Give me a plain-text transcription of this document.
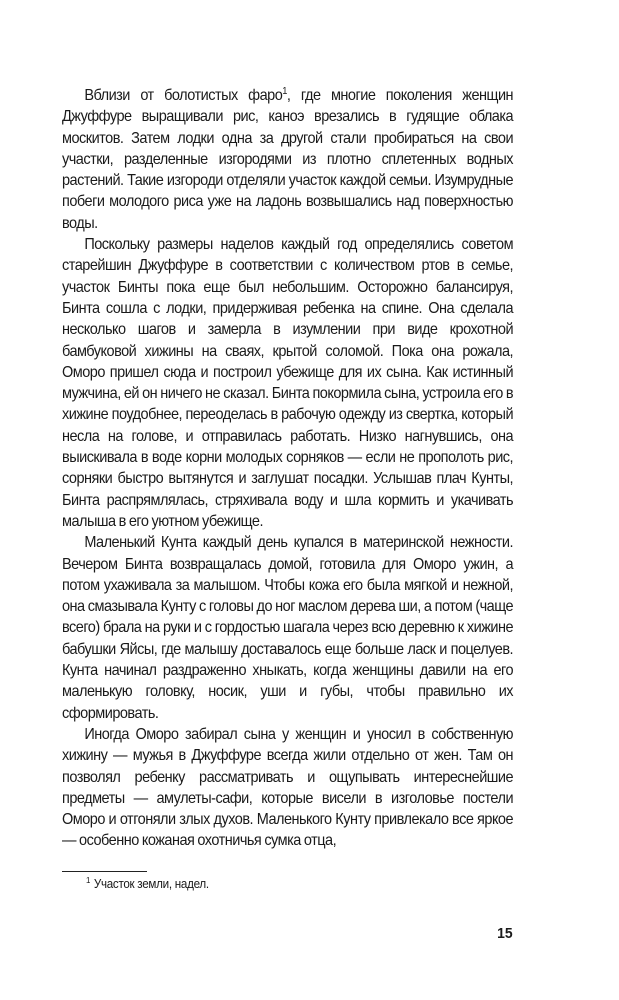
Вблизи от болотистых фаро$^1$, где многие поколения женщин Джуффуре выращивали рис, каноэ врезались в гудящие облака москитов. Затем лодки одна за другой стали пробираться на свои участки, разделенные изгородями из плотно сплетенных водных растений. Такие изгороди отделяли участок каждой семьи. Изумрудные побеги молодого риса уже на ладонь возвышались над поверхностью воды.

Поскольку размеры наделов каждый год определялись советом старейшин Джуффуре в соответствии с количеством ртов в семье, участок Бинты пока еще был небольшим. Осторожно балансируя, Бинта сошла с лодки, придерживая ребенка на спине. Она сделала несколько шагов и замерла в изумлении при виде крохотной бамбуковой хижины на сваях, крытой соломой. Пока она рожала, Оморо пришел сюда и построил убежище для их сына. Как истинный мужчина, ей он ничего не сказал. Бинта покормила сына, устроила его в хижине поудобнее, переоделась в рабочую одежду из свертка, который несла на голове, и отправилась работать. Низко нагнувшись, она выискивала в воде корни молодых сорняков — если не прополоть рис, сорняки быстро вытянутся и заглушат посадки. Услышав плач Кунты, Бинта распрямлялась, стряхивала воду и шла кормить и укачивать малыша в его уютном убежище.

Маленький Кунта каждый день купался в материнской нежности. Вечером Бинта возвращалась домой, готовила для Оморо ужин, а потом ухаживала за малышом. Чтобы кожа его была мягкой и нежной, она смазывала Кунту с головы до ног маслом дерева ши, а потом (чаще всего) брала на руки и с гордостью шагала через всю деревню к хижине бабушки Яйсы, где малышу доставалось еще больше ласк и поцелуев. Кунта начинал раздраженно хныкать, когда женщины давили на его маленькую головку, носик, уши и губы, чтобы правильно их сформировать.

Иногда Оморо забирал сына у женщин и уносил в собственную хижину — мужья в Джуффуре всегда жили отдельно от жен. Там он позволял ребенку рассматривать и ощупывать интереснейшие предметы — амулеты-сафи, которые висели в изголовье постели Оморо и отгоняли злых духов. Маленького Кунту привлекало все яркое — особенно кожаная охотничья сумка отца,

$^1$ Участок земли, надел.
15
